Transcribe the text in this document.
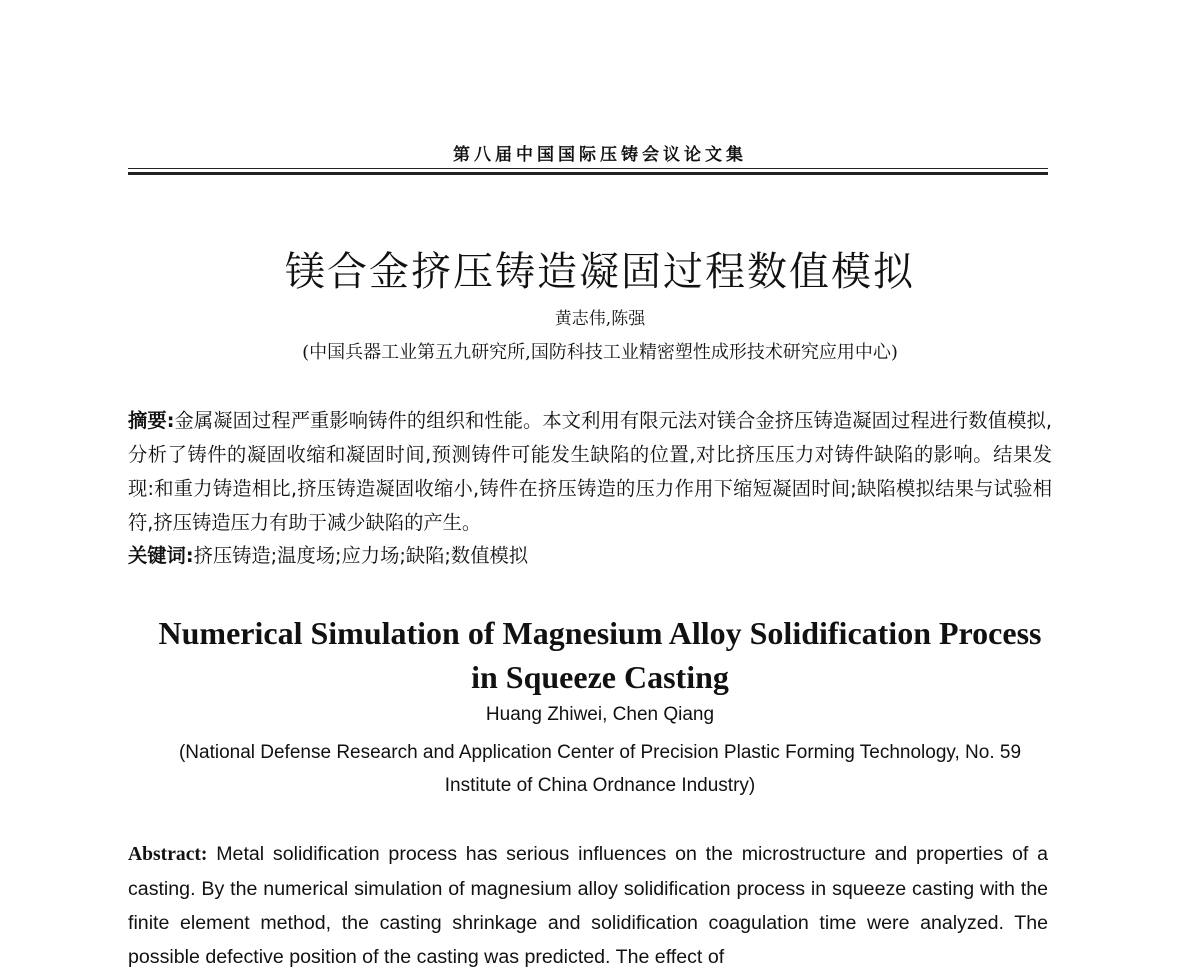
第八届中国国际压铸会议论文集
镁合金挤压铸造凝固过程数值模拟
黄志伟,陈强
(中国兵器工业第五九研究所,国防科技工业精密塑性成形技术研究应用中心)
摘要:金属凝固过程严重影响铸件的组织和性能。本文利用有限元法对镁合金挤压铸造凝固过程进行数值模拟,分析了铸件的凝固收缩和凝固时间,预测铸件可能发生缺陷的位置,对比挤压压力对铸件缺陷的影响。结果发现:和重力铸造相比,挤压铸造凝固收缩小,铸件在挤压铸造的压力作用下缩短凝固时间;缺陷模拟结果与试验相符,挤压铸造压力有助于减少缺陷的产生。
关键词:挤压铸造;温度场;应力场;缺陷;数值模拟
Numerical Simulation of Magnesium Alloy Solidification Process
in Squeeze Casting
Huang Zhiwei, Chen Qiang
(National Defense Research and Application Center of Precision Plastic Forming Technology, No. 59 Institute of China Ordnance Industry)
Abstract: Metal solidification process has serious influences on the microstructure and properties of a casting. By the numerical simulation of magnesium alloy solidification process in squeeze casting with the finite element method, the casting shrinkage and solidification coagulation time were analyzed. The possible defective position of the casting was predicted. The effect of
